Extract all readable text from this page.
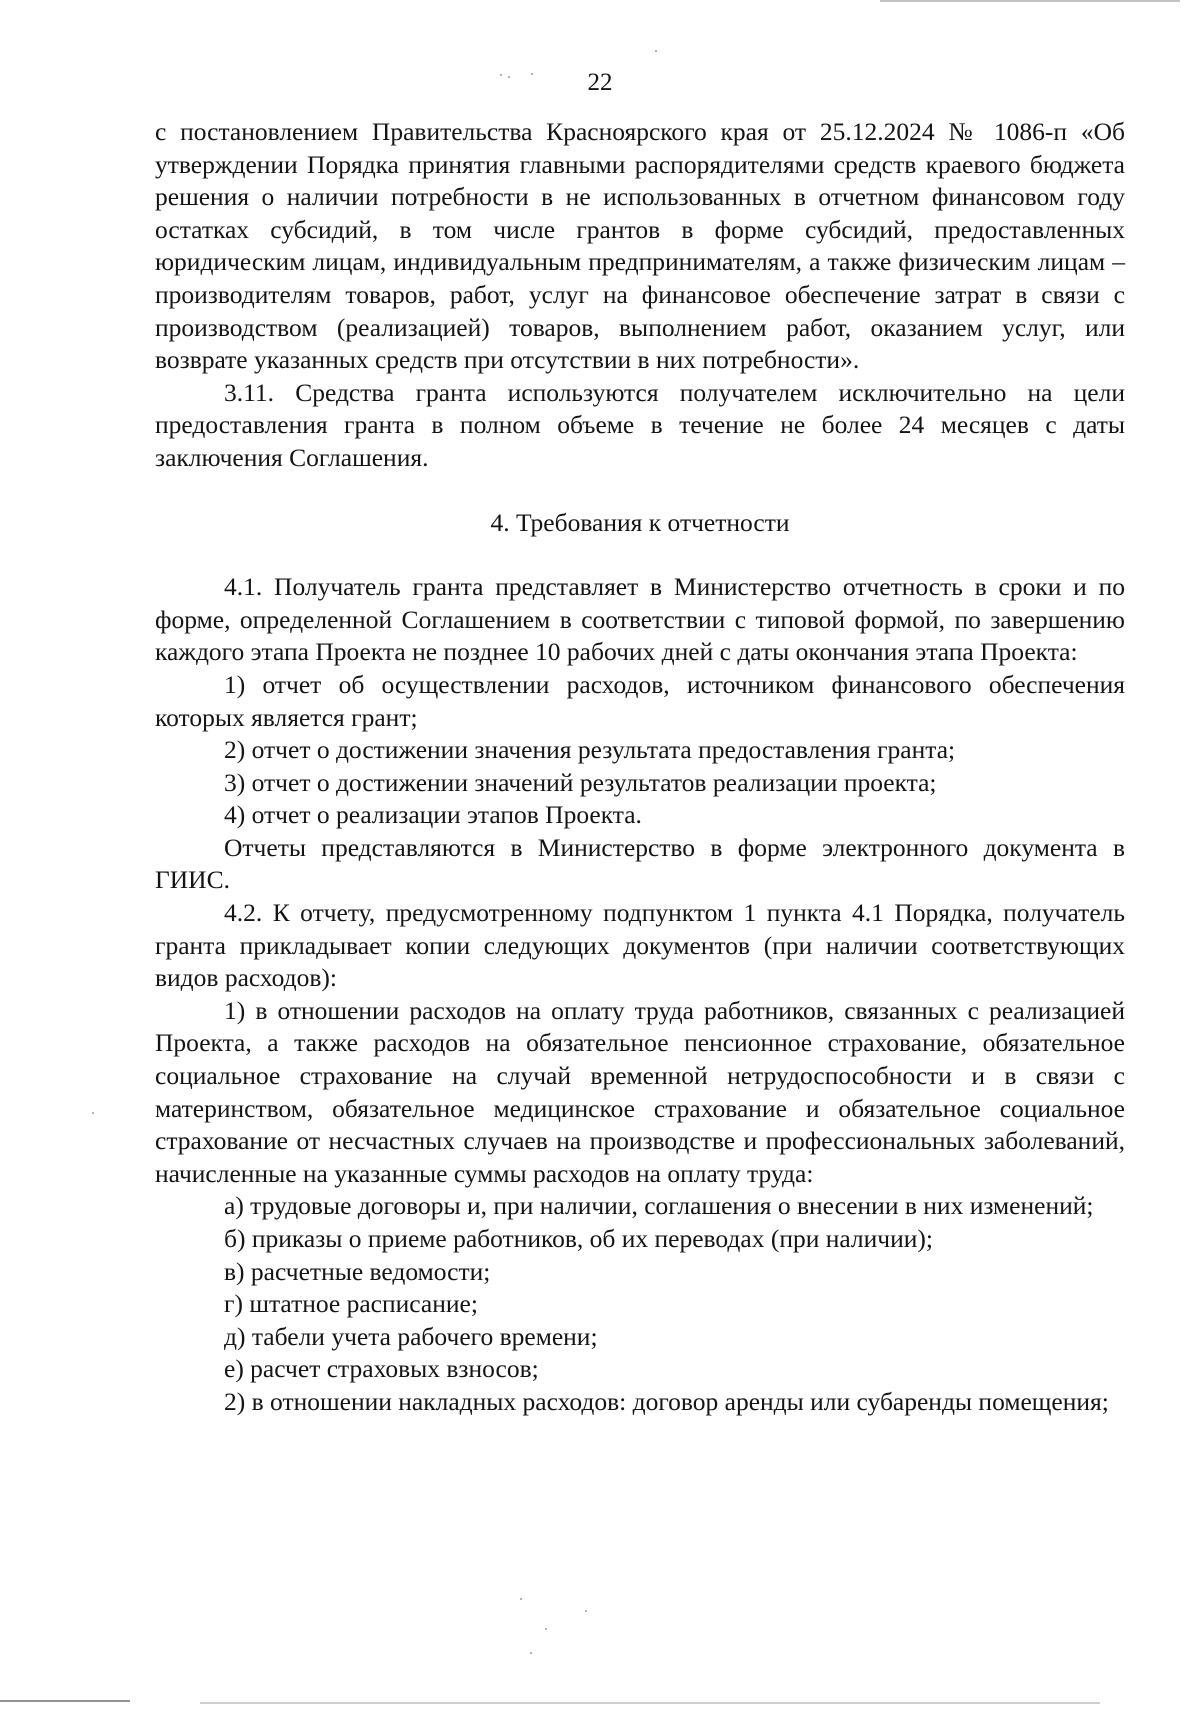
22

с постановлением Правительства Красноярского края от 25.12.2024 № 1086-п «Об утверждении Порядка принятия главными распорядителями средств краевого бюджета решения о наличии потребности в не использованных в отчетном финансовом году остатках субсидий, в том числе грантов в форме субсидий, предоставленных юридическим лицам, индивидуальным предпринимателям, а также физическим лицам – производителям товаров, работ, услуг на финансовое обеспечение затрат в связи с производством (реализацией) товаров, выполнением работ, оказанием услуг, или возврате указанных средств при отсутствии в них потребности».

3.11. Средства гранта используются получателем исключительно на цели предоставления гранта в полном объеме в течение не более 24 месяцев с даты заключения Соглашения.

4. Требования к отчетности

4.1. Получатель гранта представляет в Министерство отчетность в сроки и по форме, определенной Соглашением в соответствии с типовой формой, по завершению каждого этапа Проекта не позднее 10 рабочих дней с даты окончания этапа Проекта:

1) отчет об осуществлении расходов, источником финансового обеспечения которых является грант;

2) отчет о достижении значения результата предоставления гранта;

3) отчет о достижении значений результатов реализации проекта;

4) отчет о реализации этапов Проекта.

Отчеты представляются в Министерство в форме электронного документа в ГИИС.

4.2. К отчету, предусмотренному подпунктом 1 пункта 4.1 Порядка, получатель гранта прикладывает копии следующих документов (при наличии соответствующих видов расходов):

1) в отношении расходов на оплату труда работников, связанных с реализацией Проекта, а также расходов на обязательное пенсионное страхование, обязательное социальное страхование на случай временной нетрудоспособности и в связи с материнством, обязательное медицинское страхование и обязательное социальное страхование от несчастных случаев на производстве и профессиональных заболеваний, начисленные на указанные суммы расходов на оплату труда:

а) трудовые договоры и, при наличии, соглашения о внесении в них изменений;

б) приказы о приеме работников, об их переводах (при наличии);

в) расчетные ведомости;

г) штатное расписание;

д) табели учета рабочего времени;

е) расчет страховых взносов;

2) в отношении накладных расходов: договор аренды или субаренды помещения;
